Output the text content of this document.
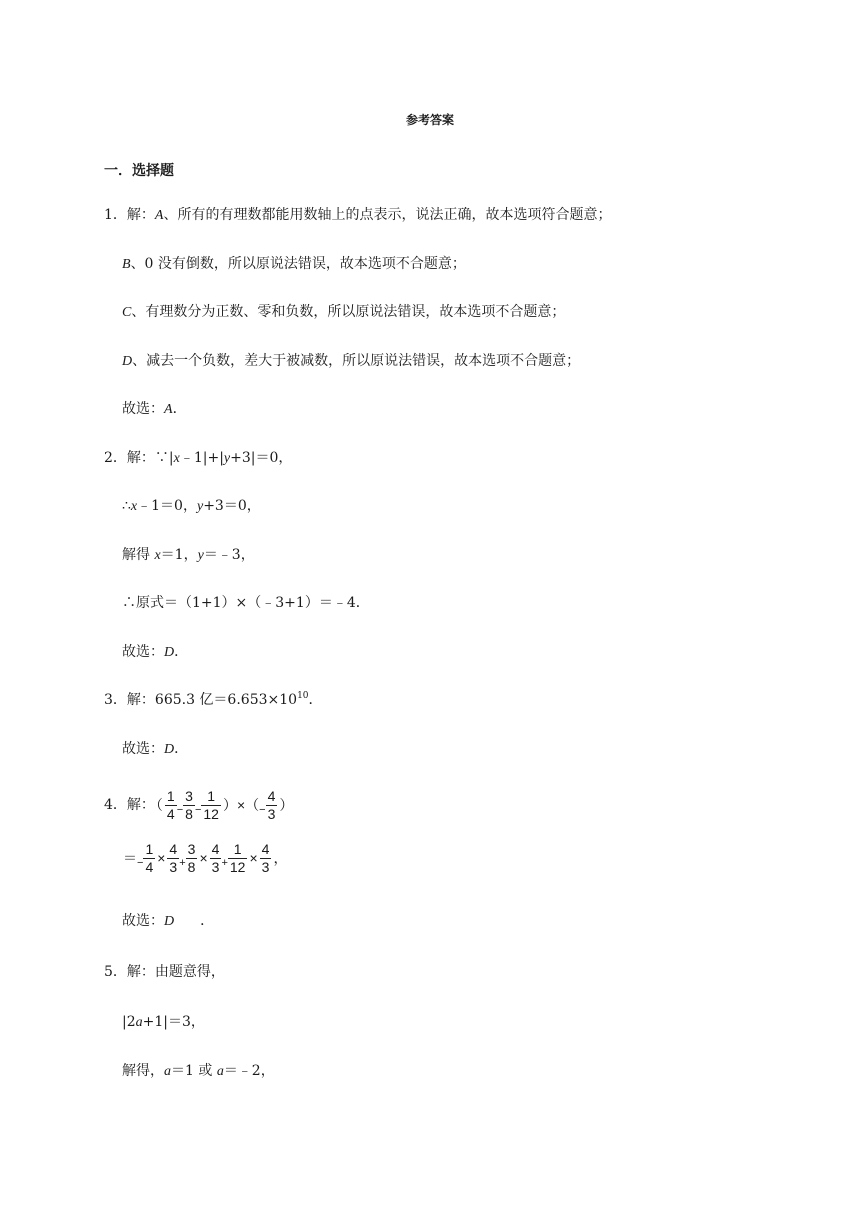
参考答案
一．选择题
1．解：A、所有的有理数都能用数轴上的点表示，说法正确，故本选项符合题意；
B、0 没有倒数，所以原说法错误，故本选项不合题意；
C、有理数分为正数、零和负数，所以原说法错误，故本选项不合题意；
D、减去一个负数，差大于被减数，所以原说法错误，故本选项不合题意；
故选：A．
2．解：∵|x﹣1|+|y+3|＝0，
∴x﹣1＝0，y+3＝0，
解得 x＝1，y＝﹣3，
∴原式＝（1+1）×（﹣3+1）＝﹣4．
故选：D．
3．解：665.3 亿$=6.653\times 10^{10}$．
故选：D．
4．解：（ $\frac{1}{4} _- \frac{3}{8} _- \frac{1}{12} )\times(_- \frac{4}{3}$ ）
$=_- \frac{1}{4} \times \frac{4}{3} _+ \frac{3}{8} \times \frac{4}{3} _+ \frac{1}{12} \times \frac{4}{3}$ ，
故选：D ．
5．解：由题意得，
|2a+1|＝3，
解得，a＝1 或 a＝﹣2，
